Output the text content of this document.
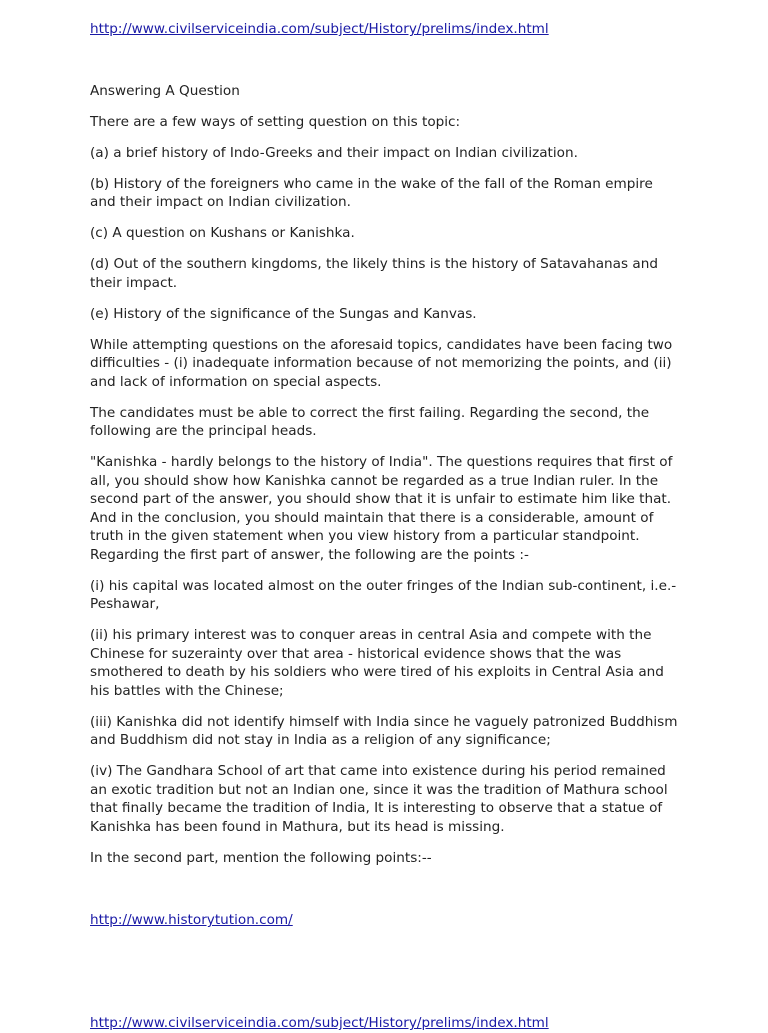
http://www.civilserviceindia.com/subject/History/prelims/index.html
Answering A Question

There are a few ways of setting question on this topic:

(a) a brief history of Indo-Greeks and their impact on Indian civilization.

(b) History of the foreigners who came in the wake of the fall of the Roman empire and their impact on Indian civilization.

(c) A question on Kushans or Kanishka.

(d) Out of the southern kingdoms, the likely thins is the history of Satavahanas and their impact.

(e) History of the significance of the Sungas and Kanvas.

While attempting questions on the aforesaid topics, candidates have been facing two difficulties - (i) inadequate information because of not memorizing the points, and (ii) and lack of information on special aspects.

The candidates must be able to correct the first failing. Regarding the second, the following are the principal heads.

"Kanishka - hardly belongs to the history of India". The questions requires that first of all, you should show how Kanishka cannot be regarded as a true Indian ruler. In the second part of the answer, you should show that it is unfair to estimate him like that. And in the conclusion, you should maintain that there is a considerable, amount of truth in the given statement when you view history from a particular standpoint. Regarding the first part of answer, the following are the points :-

(i) his capital was located almost on the outer fringes of the Indian sub-continent, i.e.- Peshawar,

(ii) his primary interest was to conquer areas in central Asia and compete with the Chinese for suzerainty over that area - historical evidence shows that the was smothered to death by his soldiers who were tired of his exploits in Central Asia and his battles with the Chinese;

(iii) Kanishka did not identify himself with India since he vaguely patronized Buddhism and Buddhism did not stay in India as a religion of any significance;

(iv) The Gandhara School of art that came into existence during his period remained an exotic tradition but not an Indian one, since it was the tradition of Mathura school that finally became the tradition of India, It is interesting to observe that a statue of Kanishka has been found in Mathura, but its head is missing.

In the second part, mention the following points:--

http://www.historytution.com/
http://www.civilserviceindia.com/subject/History/prelims/index.html
